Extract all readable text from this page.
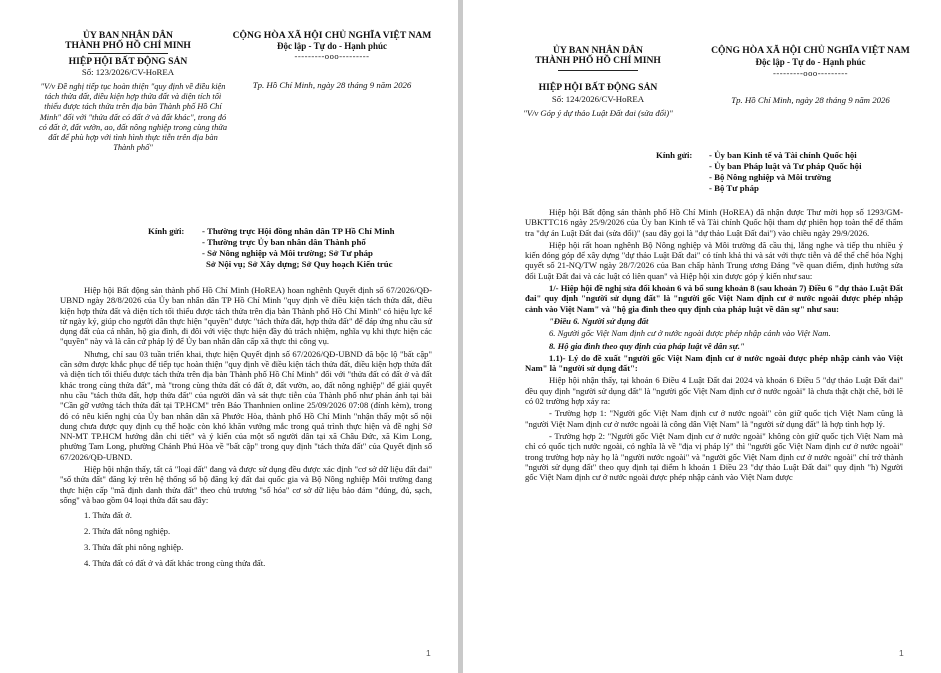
ỦY BAN NHÂN DÂN
THÀNH PHỐ HỒ CHÍ MINH
HIỆP HỘI BẤT ĐỘNG SẢN
Số: 123/2026/CV-HoREA
"V/v Đề nghị tiếp tục hoàn thiện "quy định về điều kiện tách thửa đất, điều kiện hợp thửa đất và diện tích tối thiểu được tách thửa trên địa bàn Thành phố Hồ Chí Minh" đối với "thửa đất có đất ở và đất khác", trong đó có đất ở, đất vườn, ao, đất nông nghiệp trong cùng thửa đất để phù hợp với tình hình thực tiễn trên địa bàn Thành phố"
CỘNG HÒA XÃ HỘI CHỦ NGHĨA VIỆT NAM
Độc lập - Tự do - Hạnh phúc
---------ooo---------
Tp. Hồ Chí Minh, ngày 28 tháng 9 năm 2026
Kính gửi: - Thường trực Hội đồng nhân dân TP Hồ Chí Minh
- Thường trực Ủy ban nhân dân Thành phố
- Sở Nông nghiệp và Môi trường; Sở Tư pháp
Sở Nội vụ; Sở Xây dựng; Sở Quy hoạch Kiến trúc

Hiệp hội Bất động sản thành phố Hồ Chí Minh (HoREA) hoan nghênh Quyết định số 67/2026/QĐ-UBND ngày 28/8/2026 của Ủy ban nhân dân TP Hồ Chí Minh "quy định về điều kiện tách thửa đất, điều kiện hợp thửa đất và diện tích tối thiểu được tách thửa trên địa bàn Thành phố Hồ Chí Minh" có hiệu lực kể từ ngày ký, giúp cho người dân thực hiện "quyền" được "tách thửa đất, hợp thửa đất" để đáp ứng nhu cầu sử dụng đất của cá nhân, hộ gia đình, đi đôi với việc thực hiện đầy đủ trách nhiệm, nghĩa vụ khi thực hiện các "quyền" này và là căn cứ pháp lý để Ủy ban nhân dân cấp xã thực thi công vụ.

Nhưng, chỉ sau 03 tuần triển khai, thực hiện Quyết định số 67/2026/QĐ-UBND đã bộc lộ "bất cập" cần sớm được khắc phục để tiếp tục hoàn thiện "quy định về điều kiện tách thửa đất, điều kiện hợp thửa đất và diện tích tối thiểu được tách thửa trên địa bàn Thành phố Hồ Chí Minh" đối với "thửa đất có đất ở và đất khác trong cùng thửa đất", mà "trong cùng thửa đất có đất ở, đất vườn, ao, đất nông nghiệp" để giải quyết nhu cầu "tách thửa đất, hợp thửa đất" của người dân và sát thực tiễn của Thành phố như phản ánh tại bài "Cần gỡ vướng tách thửa đất tại TP.HCM" trên Báo Thanhnien online 25/09/2026 07:08 (đính kèm), trong đó có nêu kiến nghị của Ủy ban nhân dân xã Phước Hòa, thành phố Hồ Chí Minh "nhận thấy một số nội dung chưa được quy định cụ thể hoặc còn khó khăn vướng mắc trong quá trình thực hiện và đề nghị Sở NN-MT TP.HCM hướng dẫn chi tiết" và ý kiến của một số người dân tại xã Châu Đức, xã Kim Long, phường Tam Long, phường Chánh Phú Hòa về "bất cập" trong quy định "tách thửa đất" của Quyết định số 67/2026/QĐ-UBND.

Hiệp hội nhận thấy, tất cả "loại đất" đang và được sử dụng đều được xác định "cơ sở dữ liệu đất đai" "số thửa đất" đăng ký trên hệ thống sổ bộ đăng ký đất đai quốc gia và Bộ Nông nghiệp Môi trường đang thực hiện cấp "mã định danh thửa đất" theo chủ trương "số hóa" cơ sở dữ liệu bảo đảm "đúng, đủ, sạch, sống" và bao gồm 04 loại thửa đất sau đây:

1. Thửa đất ở.
2. Thửa đất nông nghiệp.
3. Thửa đất phi nông nghiệp.
4. Thửa đất có đất ở và đất khác trong cùng thửa đất.
1
ỦY BAN NHÂN DÂN
THÀNH PHỐ HỒ CHÍ MINH
HIỆP HỘI BẤT ĐỘNG SẢN
Số: 124/2026/CV-HoREA
"V/v Góp ý dự thảo Luật Đất đai (sửa đổi)"
CỘNG HÒA XÃ HỘI CHỦ NGHĨA VIỆT NAM
Độc lập - Tự do - Hạnh phúc
---------ooo---------
Tp. Hồ Chí Minh, ngày 28 tháng 9 năm 2026
Kính gửi: - Ủy ban Kinh tế và Tài chính Quốc hội
- Ủy ban Pháp luật và Tư pháp Quốc hội
- Bộ Nông nghiệp và Môi trường
- Bộ Tư pháp

Hiệp hội Bất động sản thành phố Hồ Chí Minh (HoREA) đã nhận được Thư mời họp số 1293/GM-UBKTTC16 ngày 25/9/2026 của Ủy ban Kinh tế và Tài chính Quốc hội tham dự phiên họp toàn thể để thẩm tra "dự án Luật Đất đai (sửa đổi)" (sau đây gọi là "dự thảo Luật Đất đai") vào chiều ngày 29/9/2026.

Hiệp hội rất hoan nghênh Bộ Nông nghiệp và Môi trường đã cầu thị, lắng nghe và tiếp thu nhiều ý kiến đóng góp để xây dựng "dự thảo Luật Đất đai" có tính khả thi và sát với thực tiễn và để thể chế hóa Nghị quyết số 21-NQ/TW ngày 28/7/2026 của Ban chấp hành Trung ương Đảng "về quan điểm, định hướng sửa đổi Luật Đất đai và các luật có liên quan" và Hiệp hội xin được góp ý kiến như sau:

1/- Hiệp hội đề nghị sửa đổi khoản 6 và bổ sung khoản 8 (sau khoản 7) Điều 6 "dự thảo Luật Đất đai" quy định "người sử dụng đất" là "người gốc Việt Nam định cư ở nước ngoài được phép nhập cảnh vào Việt Nam" và "hộ gia đình theo quy định của pháp luật về dân sự" như sau:

"Điều 6. Người sử dụng đất

6. Người gốc Việt Nam định cư ở nước ngoài được phép nhập cảnh vào Việt Nam.

8. Hộ gia đình theo quy định của pháp luật về dân sự."

1.1)- Lý do đề xuất "người gốc Việt Nam định cư ở nước ngoài được phép nhập cảnh vào Việt Nam" là "người sử dụng đất":

Hiệp hội nhận thấy, tại khoản 6 Điều 4 Luật Đất đai 2024 và khoản 6 Điều 5 "dự thảo Luật Đất đai" đều quy định "người sử dụng đất" là "người gốc Việt Nam định cư ở nước ngoài" là chưa thật chặt chẽ, bởi lẽ có 02 trường hợp xảy ra:

- Trường hợp 1: "Người gốc Việt Nam định cư ở nước ngoài" còn giữ quốc tịch Việt Nam cũng là "người Việt Nam định cư ở nước ngoài là công dân Việt Nam" là "người sử dụng đất" là hợp tình hợp lý.

- Trường hợp 2: "Người gốc Việt Nam định cư ở nước ngoài" không còn giữ quốc tịch Việt Nam mà chỉ có quốc tịch nước ngoài, có nghĩa là về "địa vị pháp lý" thì "người gốc Việt Nam định cư ở nước ngoài" trong trường hợp này họ là "người nước ngoài" và "người gốc Việt Nam định cư ở nước ngoài" chỉ trở thành "người sử dụng đất" theo quy định tại điểm h khoản 1 Điều 23 "dự thảo Luật Đất đai" quy định "h) Người gốc Việt Nam định cư ở nước ngoài được phép nhập cảnh vào Việt Nam được

1
